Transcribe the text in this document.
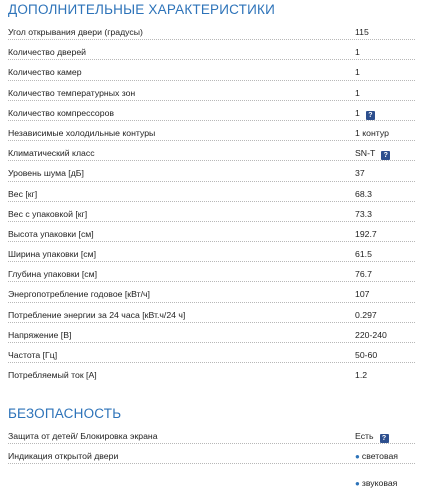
ДОПОЛНИТЕЛЬНЫЕ ХАРАКТЕРИСТИКИ
Угол открывания двери (градусы)	115
Количество дверей	1
Количество камер	1
Количество температурных зон	1
Количество компрессоров	1 ?
Независимые холодильные контуры	1 контур
Климатический класс	SN-T ?
Уровень шума [дБ]	37
Вес [кг]	68.3
Вес с упаковкой [кг]	73.3
Высота упаковки [см]	192.7
Ширина упаковки [см]	61.5
Глубина упаковки [см]	76.7
Энергопотребление годовое [кВт/ч]	107
Потребление энергии за 24 часа [кВт.ч/24 ч]	0.297
Напряжение [В]	220-240
Частота [Гц]	50-60
Потребляемый ток [А]	1.2
БЕЗОПАСНОСТЬ
Защита от детей/ Блокировка экрана	Есть ?
Индикация открытой двери	● световая
● звуковая
